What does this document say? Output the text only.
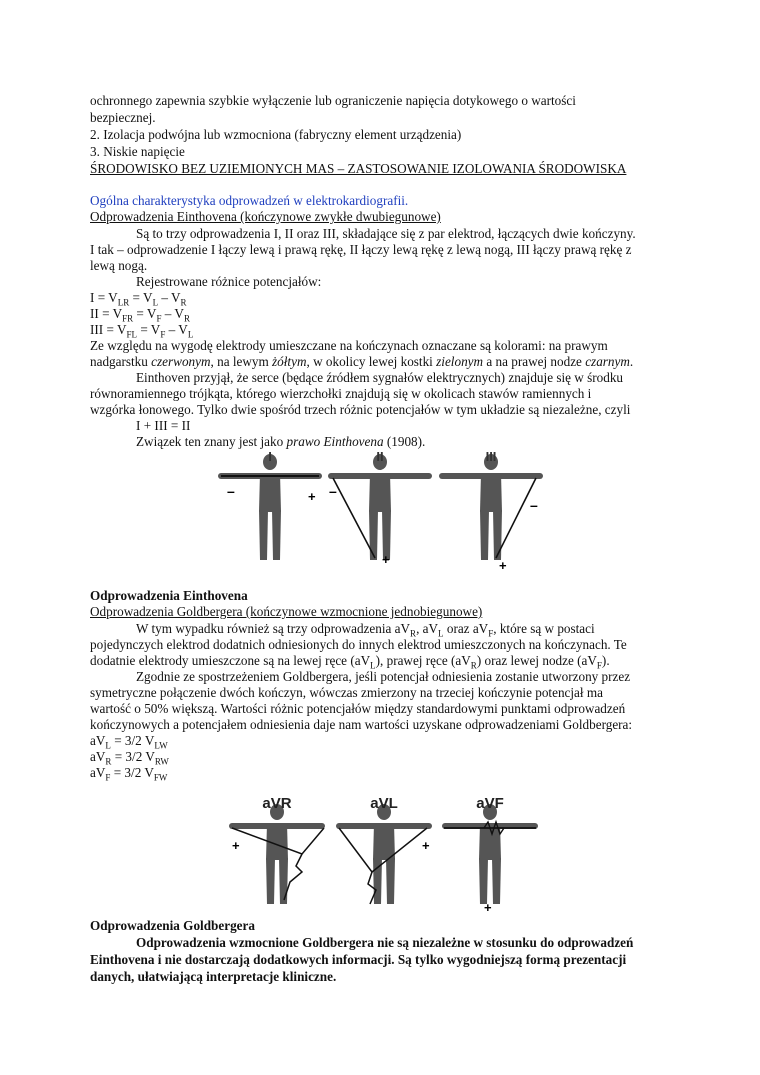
ochronnego zapewnia szybkie wyłączenie lub ograniczenie napięcia dotykowego o wartości
bezpiecznej.
2. Izolacja podwójna lub wzmocniona (fabryczny element urządzenia)
3. Niskie napięcie
ŚRODOWISKO BEZ UZIEMIONYCH MAS – ZASTOSOWANIE IZOLOWANIA ŚRODOWISKA
Ogólna charakterystyka odprowadzeń w elektrokardiografii.
Odprowadzenia Einthovena (kończynowe zwykłe dwubiegunowe)
Są to trzy odprowadzenia I, II oraz III, składające się z par elektrod, łączących dwie kończyny.
I tak – odprowadzenie I łączy lewą i prawą rękę, II łączy lewą rękę z lewą nogą, III łączy prawą rękę z
lewą nogą.
Rejestrowane różnice potencjałów:
$I = V_{LR} = V_L - V_R$
II = $V_{FR} = V_F - V_R$
III = $V_{FL} = V_F - V_L$
Ze względu na wygodę elektrody umieszczane na kończynach oznaczane są kolorami: na prawym
nadgarstku czerwonym, na lewym żółtym, w okolicy lewej kostki zielonym a na prawej nodze czarnym.
Einthoven przyjął, że serce (będące źródłem sygnałów elektrycznych) znajduje się w środku
równoramiennego trójkąta, którego wierzchołki znajdują się w okolicach stawów ramiennych i
wzgórka łonowego. Tylko dwie spośród trzech różnic potencjałów w tym układzie są niezależne, czyli
I + III = II
Związek ten znany jest jako prawo Einthovena (1908).
I	II	III
–	+ –
+
–
+
Odprowadzenia Einthovena
Odprowadzenia Goldbergera (kończynowe wzmocnione jednobiegunowe)
W tym wypadku również są trzy odprowadzenia $aV_R$, $aV_L$ oraz $aV_F$, które są w postaci
pojedynczych elektrod dodatnich odniesionych do innych elektrod umieszczonych na kończynach. Te
dodatnie elektrody umieszczone są na lewej ręce $(aV_L)$, prawej ręce $(aV_R)$ oraz lewej nodze $(aV_F)$.
Zgodnie ze spostrzeżeniem Goldbergera, jeśli potencjał odniesienia zostanie utworzony przez
symetryczne połączenie dwóch kończyn, wówczas zmierzony na trzeciej kończynie potencjał ma
wartość o 50% większą. Wartości różnic potencjałów między standardowymi punktami odprowadzeń
kończynowych a potencjałem odniesienia daje nam wartości uzyskane odprowadzeniami Goldbergera:
$aV_L = 3/2$ $V_{LW}$
$aV_R = 3/2$ $V_{RW}$
$aV_F = 3/2$ $V_{FW}$
aVR	aVL	aVF
+	+
+
Odprowadzenia Goldbergera
Odprowadzenia wzmocnione Goldbergera nie są niezależne w stosunku do odprowadzeń
Einthovena i nie dostarczają dodatkowych informacji. Są tylko wygodniejszą formą prezentacji
danych, ułatwiającą interpretacje kliniczne.
